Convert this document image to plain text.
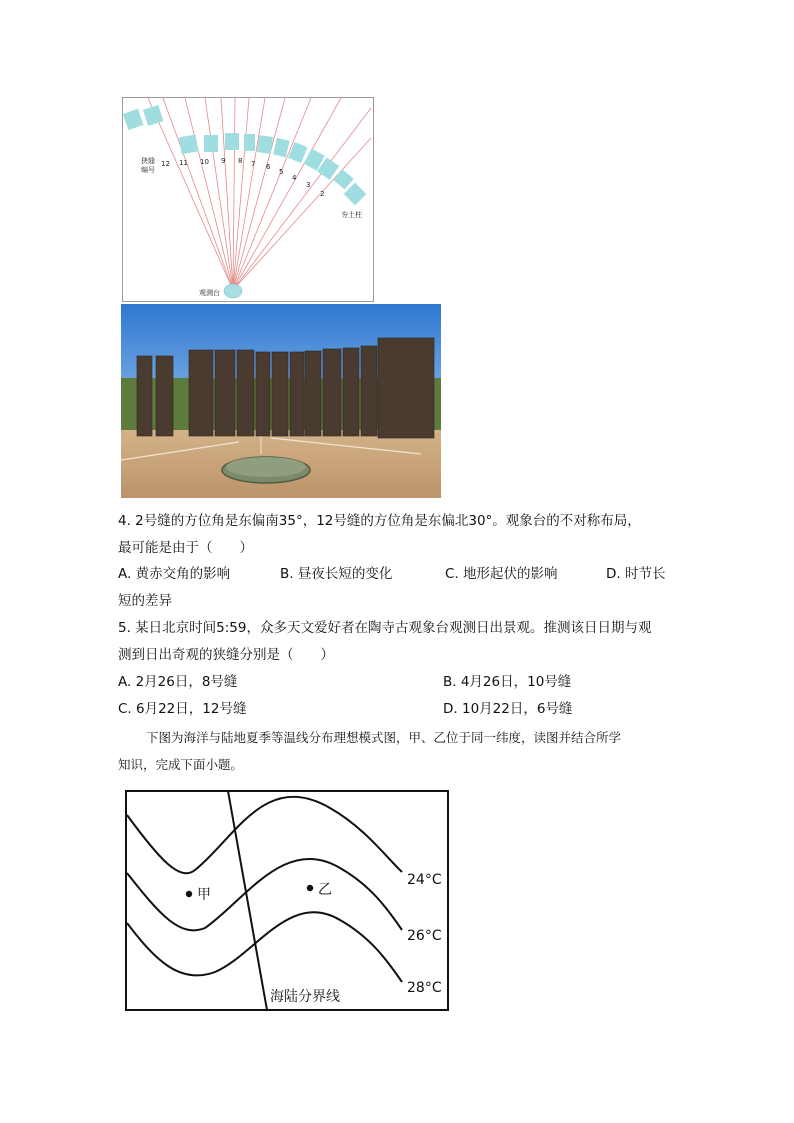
12 11 10 9 8 7 6
5
4
3
2
狭缝
编号
夯土柱
观测台
4. 2号缝的方位角是东偏南35°，12号缝的方位角是东偏北30°。观象台的不对称布局，
最可能是由于（　　）
A. 黄赤交角的影响	B. 昼夜长短的变化	C. 地形起伏的影响	D. 时节长
短的差异
5. 某日北京时间5:59，众多天文爱好者在陶寺古观象台观测日出景观。推测该日日期与观
测到日出奇观的狭缝分别是（　　）
A. 2月26日，8号缝	B. 4月26日，10号缝
C. 6月22日，12号缝	D. 10月22日，6号缝
下图为海洋与陆地夏季等温线分布理想模式图，甲、乙位于同一纬度，读图并结合所学
知识，完成下面小题。
甲	乙
24°C
26°C
28°C
海陆分界线
